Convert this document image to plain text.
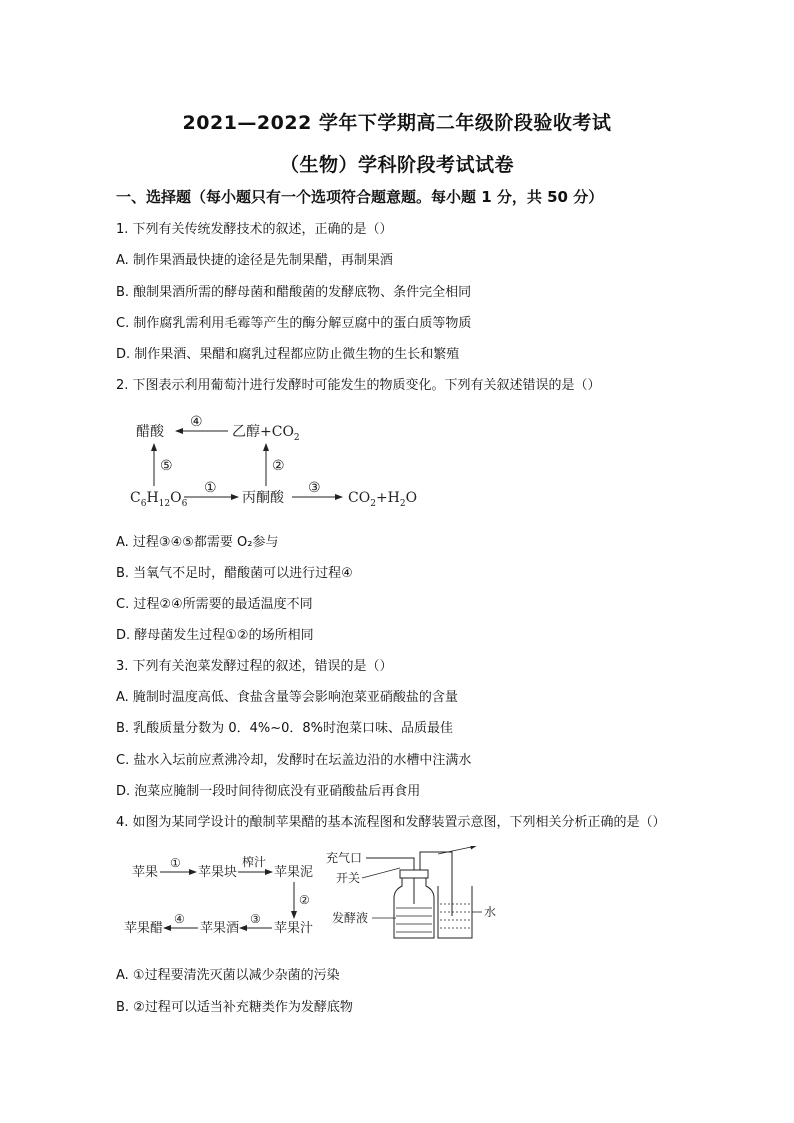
2021—2022 学年下学期高二年级阶段验收考试
（生物）学科阶段考试试卷
一、选择题（每小题只有一个选项符合题意题。每小题 1 分，共 50 分）
1. 下列有关传统发酵技术的叙述，正确的是（）
A. 制作果酒最快捷的途径是先制果醋，再制果酒
B. 酿制果酒所需的酵母菌和醋酸菌的发酵底物、条件完全相同
C. 制作腐乳需利用毛霉等产生的酶分解豆腐中的蛋白质等物质
D. 制作果酒、果醋和腐乳过程都应防止微生物的生长和繁殖
2. 下图表示利用葡萄汁进行发酵时可能发生的物质变化。下列有关叙述错误的是（）
醋酸
④
乙醇$+CO_2$
⑤	②
$C_6H_{12}O_6$
①
丙酮酸
③
$CO_2+H_2O$
A. 过程③④⑤都需要 O₂参与
B. 当氧气不足时，醋酸菌可以进行过程④
C. 过程②④所需要的最适温度不同
D. 酵母菌发生过程①②的场所相同
3. 下列有关泡菜发酵过程的叙述，错误的是（）
A. 腌制时温度高低、食盐含量等会影响泡菜亚硝酸盐的含量
B. 乳酸质量分数为 0．4%~0．8%时泡菜口味、品质最佳
C. 盐水入坛前应煮沸冷却，发酵时在坛盖边沿的水槽中注满水
D. 泡菜应腌制一段时间待彻底没有亚硝酸盐后再食用
4. 如图为某同学设计的酿制苹果醋的基本流程图和发酵装置示意图，下列相关分析正确的是（）
苹果
①
苹果块
榨汁
苹果泥
②
苹果汁
③
苹果酒
④
苹果醋
充气口
开关
发酵液	水
A. ①过程要清洗灭菌以减少杂菌的污染
B. ②过程可以适当补充糖类作为发酵底物
